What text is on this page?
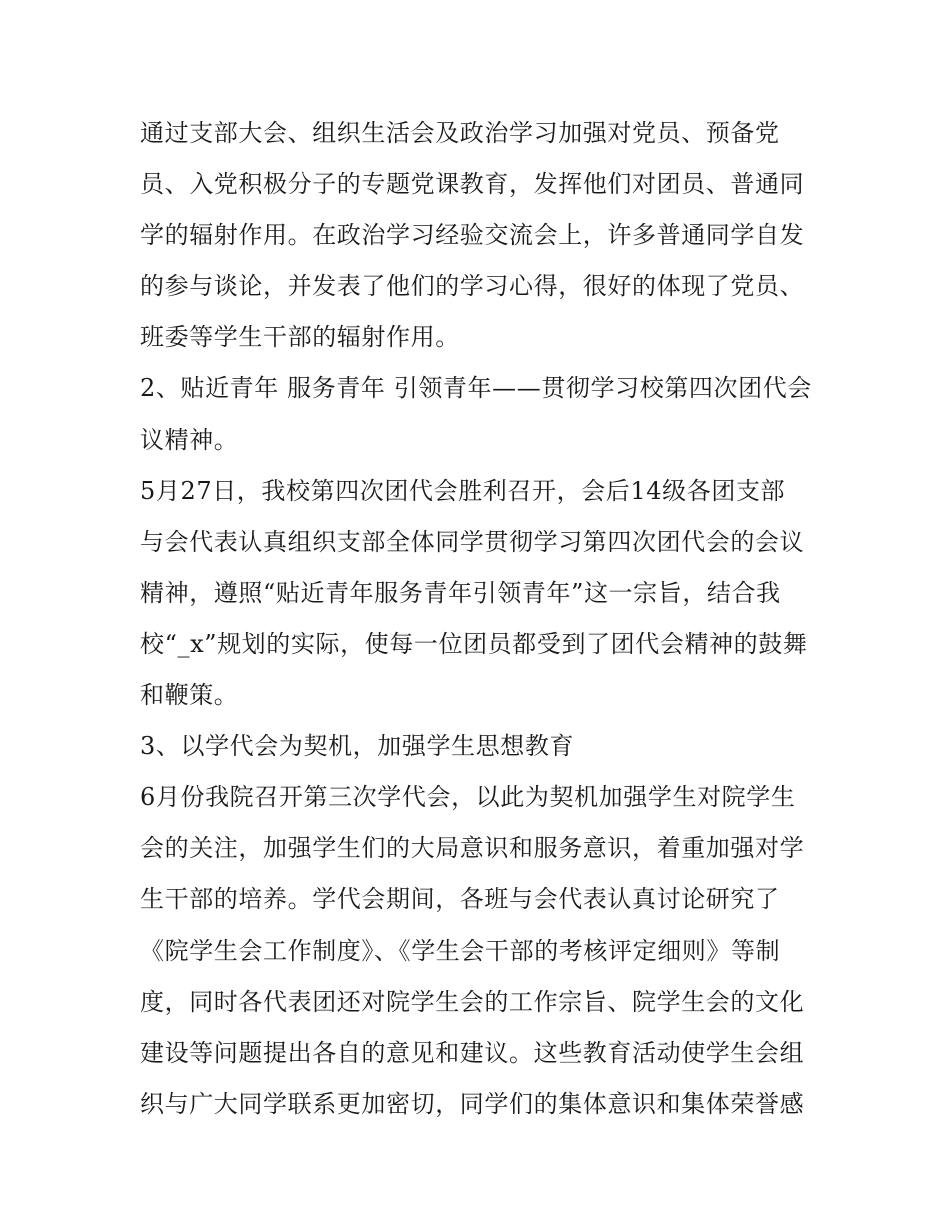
通过支部大会、组织生活会及政治学习加强对党员、预备党
员、入党积极分子的专题党课教育，发挥他们对团员、普通同
学的辐射作用。在政治学习经验交流会上，许多普通同学自发
的参与谈论，并发表了他们的学习心得，很好的体现了党员、
班委等学生干部的辐射作用。
2、贴近青年 服务青年 引领青年——贯彻学习校第四次团代会
议精神。
5月27日，我校第四次团代会胜利召开，会后14级各团支部
与会代表认真组织支部全体同学贯彻学习第四次团代会的会议
精神，遵照“贴近青年服务青年引领青年”这一宗旨，结合我
校“_x”规划的实际，使每一位团员都受到了团代会精神的鼓舞
和鞭策。
3、以学代会为契机，加强学生思想教育
6月份我院召开第三次学代会，以此为契机加强学生对院学生
会的关注，加强学生们的大局意识和服务意识，着重加强对学
生干部的培养。学代会期间，各班与会代表认真讨论研究了
《院学生会工作制度》、《学生会干部的考核评定细则》等制
度，同时各代表团还对院学生会的工作宗旨、院学生会的文化
建设等问题提出各自的意见和建议。这些教育活动使学生会组
织与广大同学联系更加密切，同学们的集体意识和集体荣誉感
